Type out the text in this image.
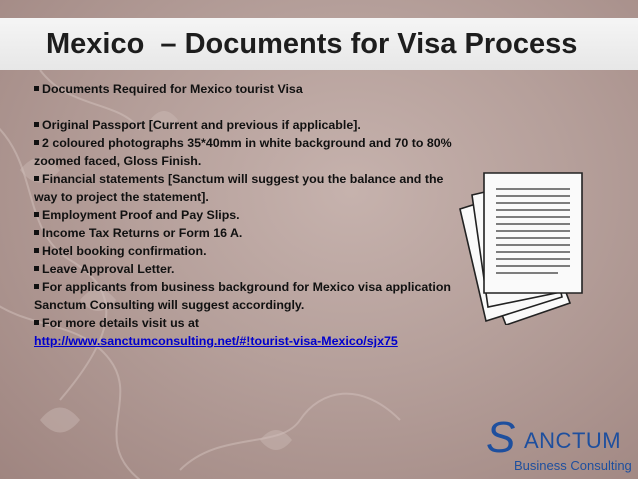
Mexico  – Documents for Visa Process
Documents Required for Mexico tourist Visa
Original Passport [Current and previous if applicable].
2 coloured photographs 35*40mm in white background and 70 to 80%
zoomed faced, Gloss Finish.
Financial statements [Sanctum will suggest you the balance and the
way to project the statement].
Employment Proof and Pay Slips.
Income Tax Returns or Form 16 A.
Hotel booking confirmation.
Leave Approval Letter.
For applicants from business background for Mexico visa application
Sanctum Consulting will suggest accordingly.
For more details visit us at
http://www.sanctumconsulting.net/#!tourist-visa-Mexico/sjx75
S ANCTUM
Business Consulting
